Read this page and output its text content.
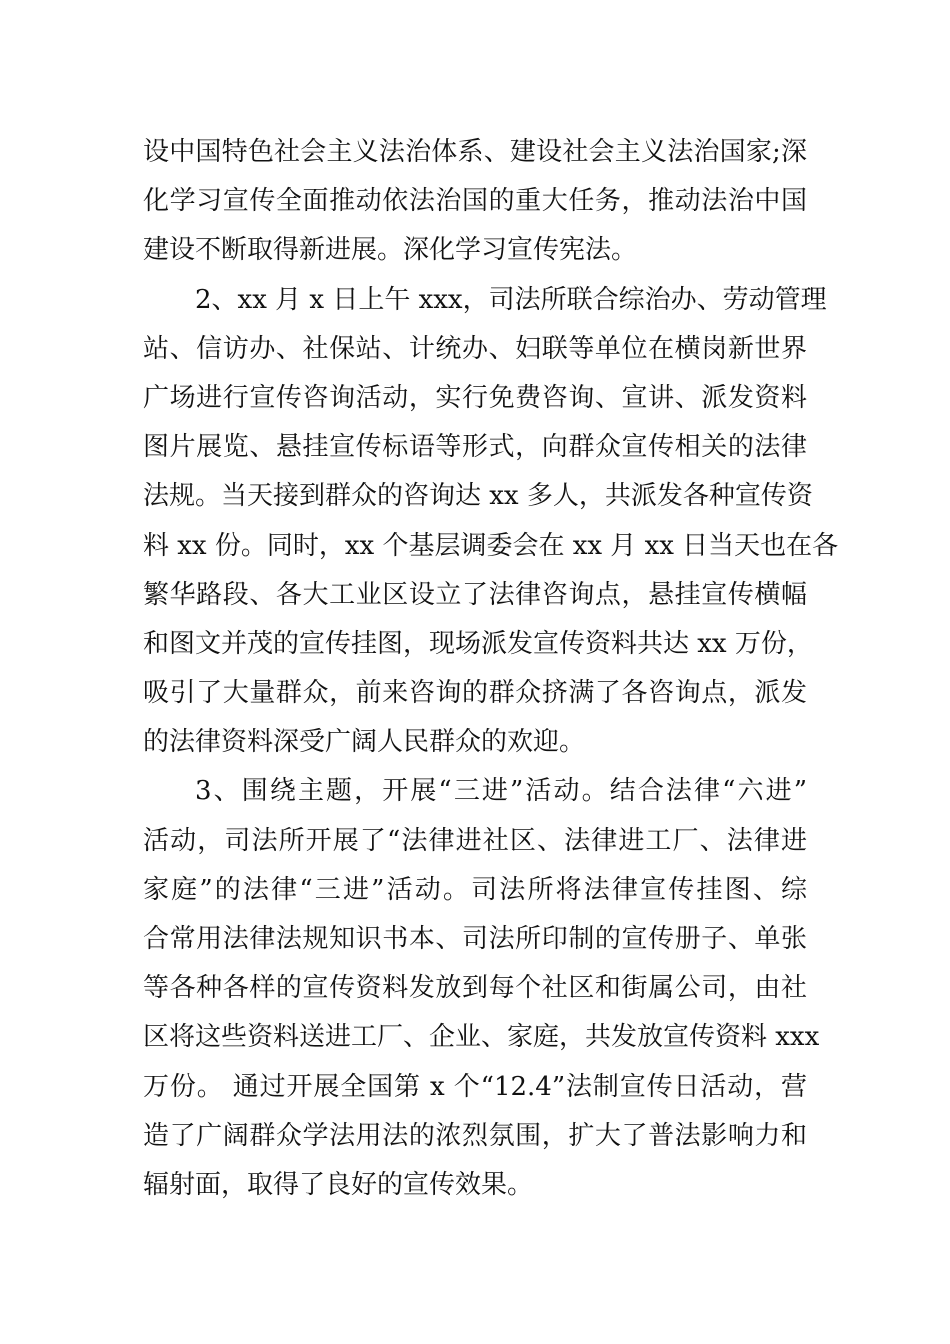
设中国特色社会主义法治体系、建设社会主义法治国家;深
化学习宣传全面推动依法治国的重大任务，推动法治中国
建设不断取得新进展。深化学习宣传宪法。
2、xx 月 x 日上午 xxx，司法所联合综治办、劳动管理
站、信访办、社保站、计统办、妇联等单位在横岗新世界
广场进行宣传咨询活动，实行免费咨询、宣讲、派发资料
图片展览、悬挂宣传标语等形式，向群众宣传相关的法律
法规。当天接到群众的咨询达 xx 多人，共派发各种宣传资
料 xx 份。同时，xx 个基层调委会在 xx 月 xx 日当天也在各
繁华路段、各大工业区设立了法律咨询点，悬挂宣传横幅
和图文并茂的宣传挂图，现场派发宣传资料共达 xx 万份，
吸引了大量群众，前来咨询的群众挤满了各咨询点，派发
的法律资料深受广阔人民群众的欢迎。
3、围绕主题，开展“三进”活动。结合法律“六进”
活动，司法所开展了“法律进社区、法律进工厂、法律进
家庭”的法律“三进”活动。司法所将法律宣传挂图、综
合常用法律法规知识书本、司法所印制的宣传册子、单张
等各种各样的宣传资料发放到每个社区和街属公司，由社
区将这些资料送进工厂、企业、家庭，共发放宣传资料 xxx
万份。 通过开展全国第 x 个“12.4”法制宣传日活动，营
造了广阔群众学法用法的浓烈氛围，扩大了普法影响力和
辐射面，取得了良好的宣传效果。
